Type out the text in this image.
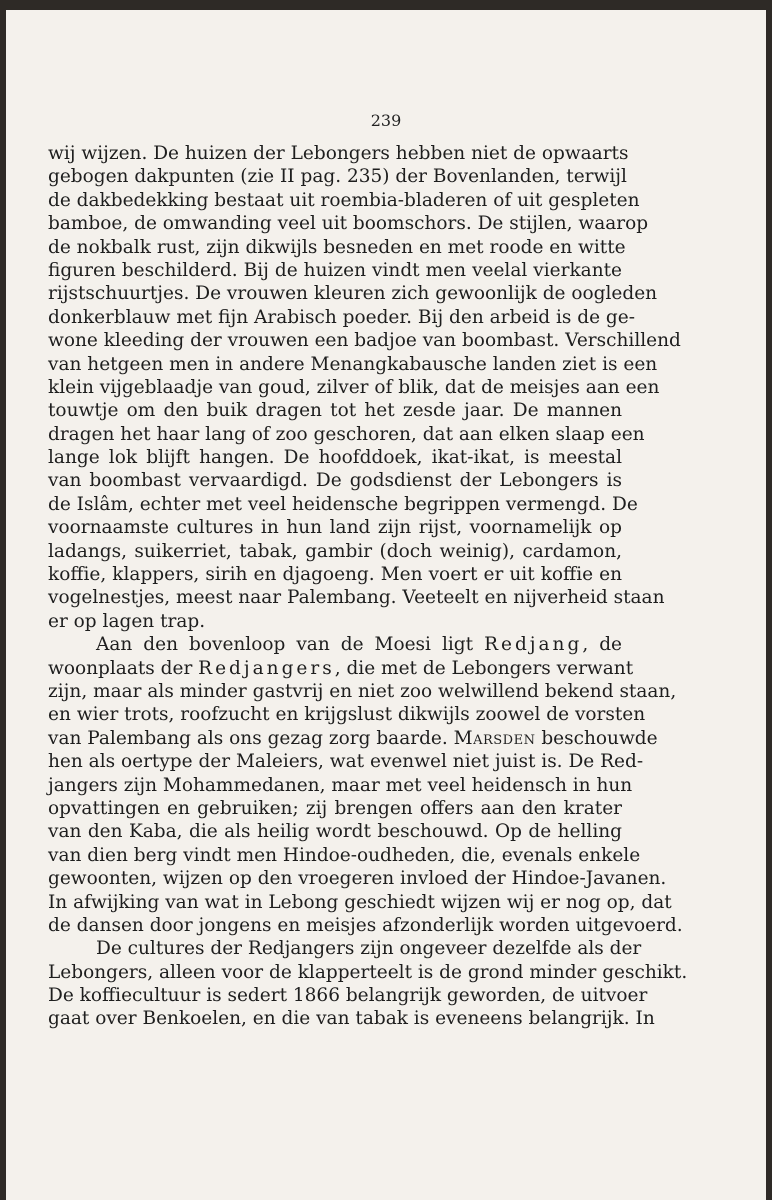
239
wij wijzen. De huizen der Lebongers hebben niet de opwaarts
gebogen dakpunten (zie II pag. 235) der Bovenlanden, terwijl
de dakbedekking bestaat uit roembia-bladeren of uit gespleten
bamboe, de omwanding veel uit boomschors. De stijlen, waarop
de nokbalk rust, zijn dikwijls besneden en met roode en witte
figuren beschilderd. Bij de huizen vindt men veelal vierkante
rijstschuurtjes. De vrouwen kleuren zich gewoonlijk de oogleden
donkerblauw met fijn Arabisch poeder. Bij den arbeid is de ge-
wone kleeding der vrouwen een badjoe van boombast. Verschillend
van hetgeen men in andere Menangkabausche landen ziet is een
klein vijgeblaadje van goud, zilver of blik, dat de meisjes aan een
touwtje om den buik dragen tot het zesde jaar. De mannen
dragen het haar lang of zoo geschoren, dat aan elken slaap een
lange lok blijft hangen. De hoofddoek, ikat-ikat, is meestal
van boombast vervaardigd. De godsdienst der Lebongers is
de Islâm, echter met veel heidensche begrippen vermengd. De
voornaamste cultures in hun land zijn rijst, voornamelijk op
ladangs, suikerriet, tabak, gambir (doch weinig), cardamon,
koffie, klappers, sirih en djagoeng. Men voert er uit koffie en
vogelnestjes, meest naar Palembang. Veeteelt en nijverheid staan
er op lagen trap.
Aan den bovenloop van de Moesi ligt Redjang, de
woonplaats der Redjangers, die met de Lebongers verwant
zijn, maar als minder gastvrij en niet zoo welwillend bekend staan,
en wier trots, roofzucht en krijgslust dikwijls zoowel de vorsten
van Palembang als ons gezag zorg baarde. Marsden beschouwde
hen als oertype der Maleiers, wat evenwel niet juist is. De Red-
jangers zijn Mohammedanen, maar met veel heidensch in hun
opvattingen en gebruiken; zij brengen offers aan den krater
van den Kaba, die als heilig wordt beschouwd. Op de helling
van dien berg vindt men Hindoe-oudheden, die, evenals enkele
gewoonten, wijzen op den vroegeren invloed der Hindoe-Javanen.
In afwijking van wat in Lebong geschiedt wijzen wij er nog op, dat
de dansen door jongens en meisjes afzonderlijk worden uitgevoerd.
De cultures der Redjangers zijn ongeveer dezelfde als der
Lebongers, alleen voor de klapperteelt is de grond minder geschikt.
De koffiecultuur is sedert 1866 belangrijk geworden, de uitvoer
gaat over Benkoelen, en die van tabak is eveneens belangrijk. In
